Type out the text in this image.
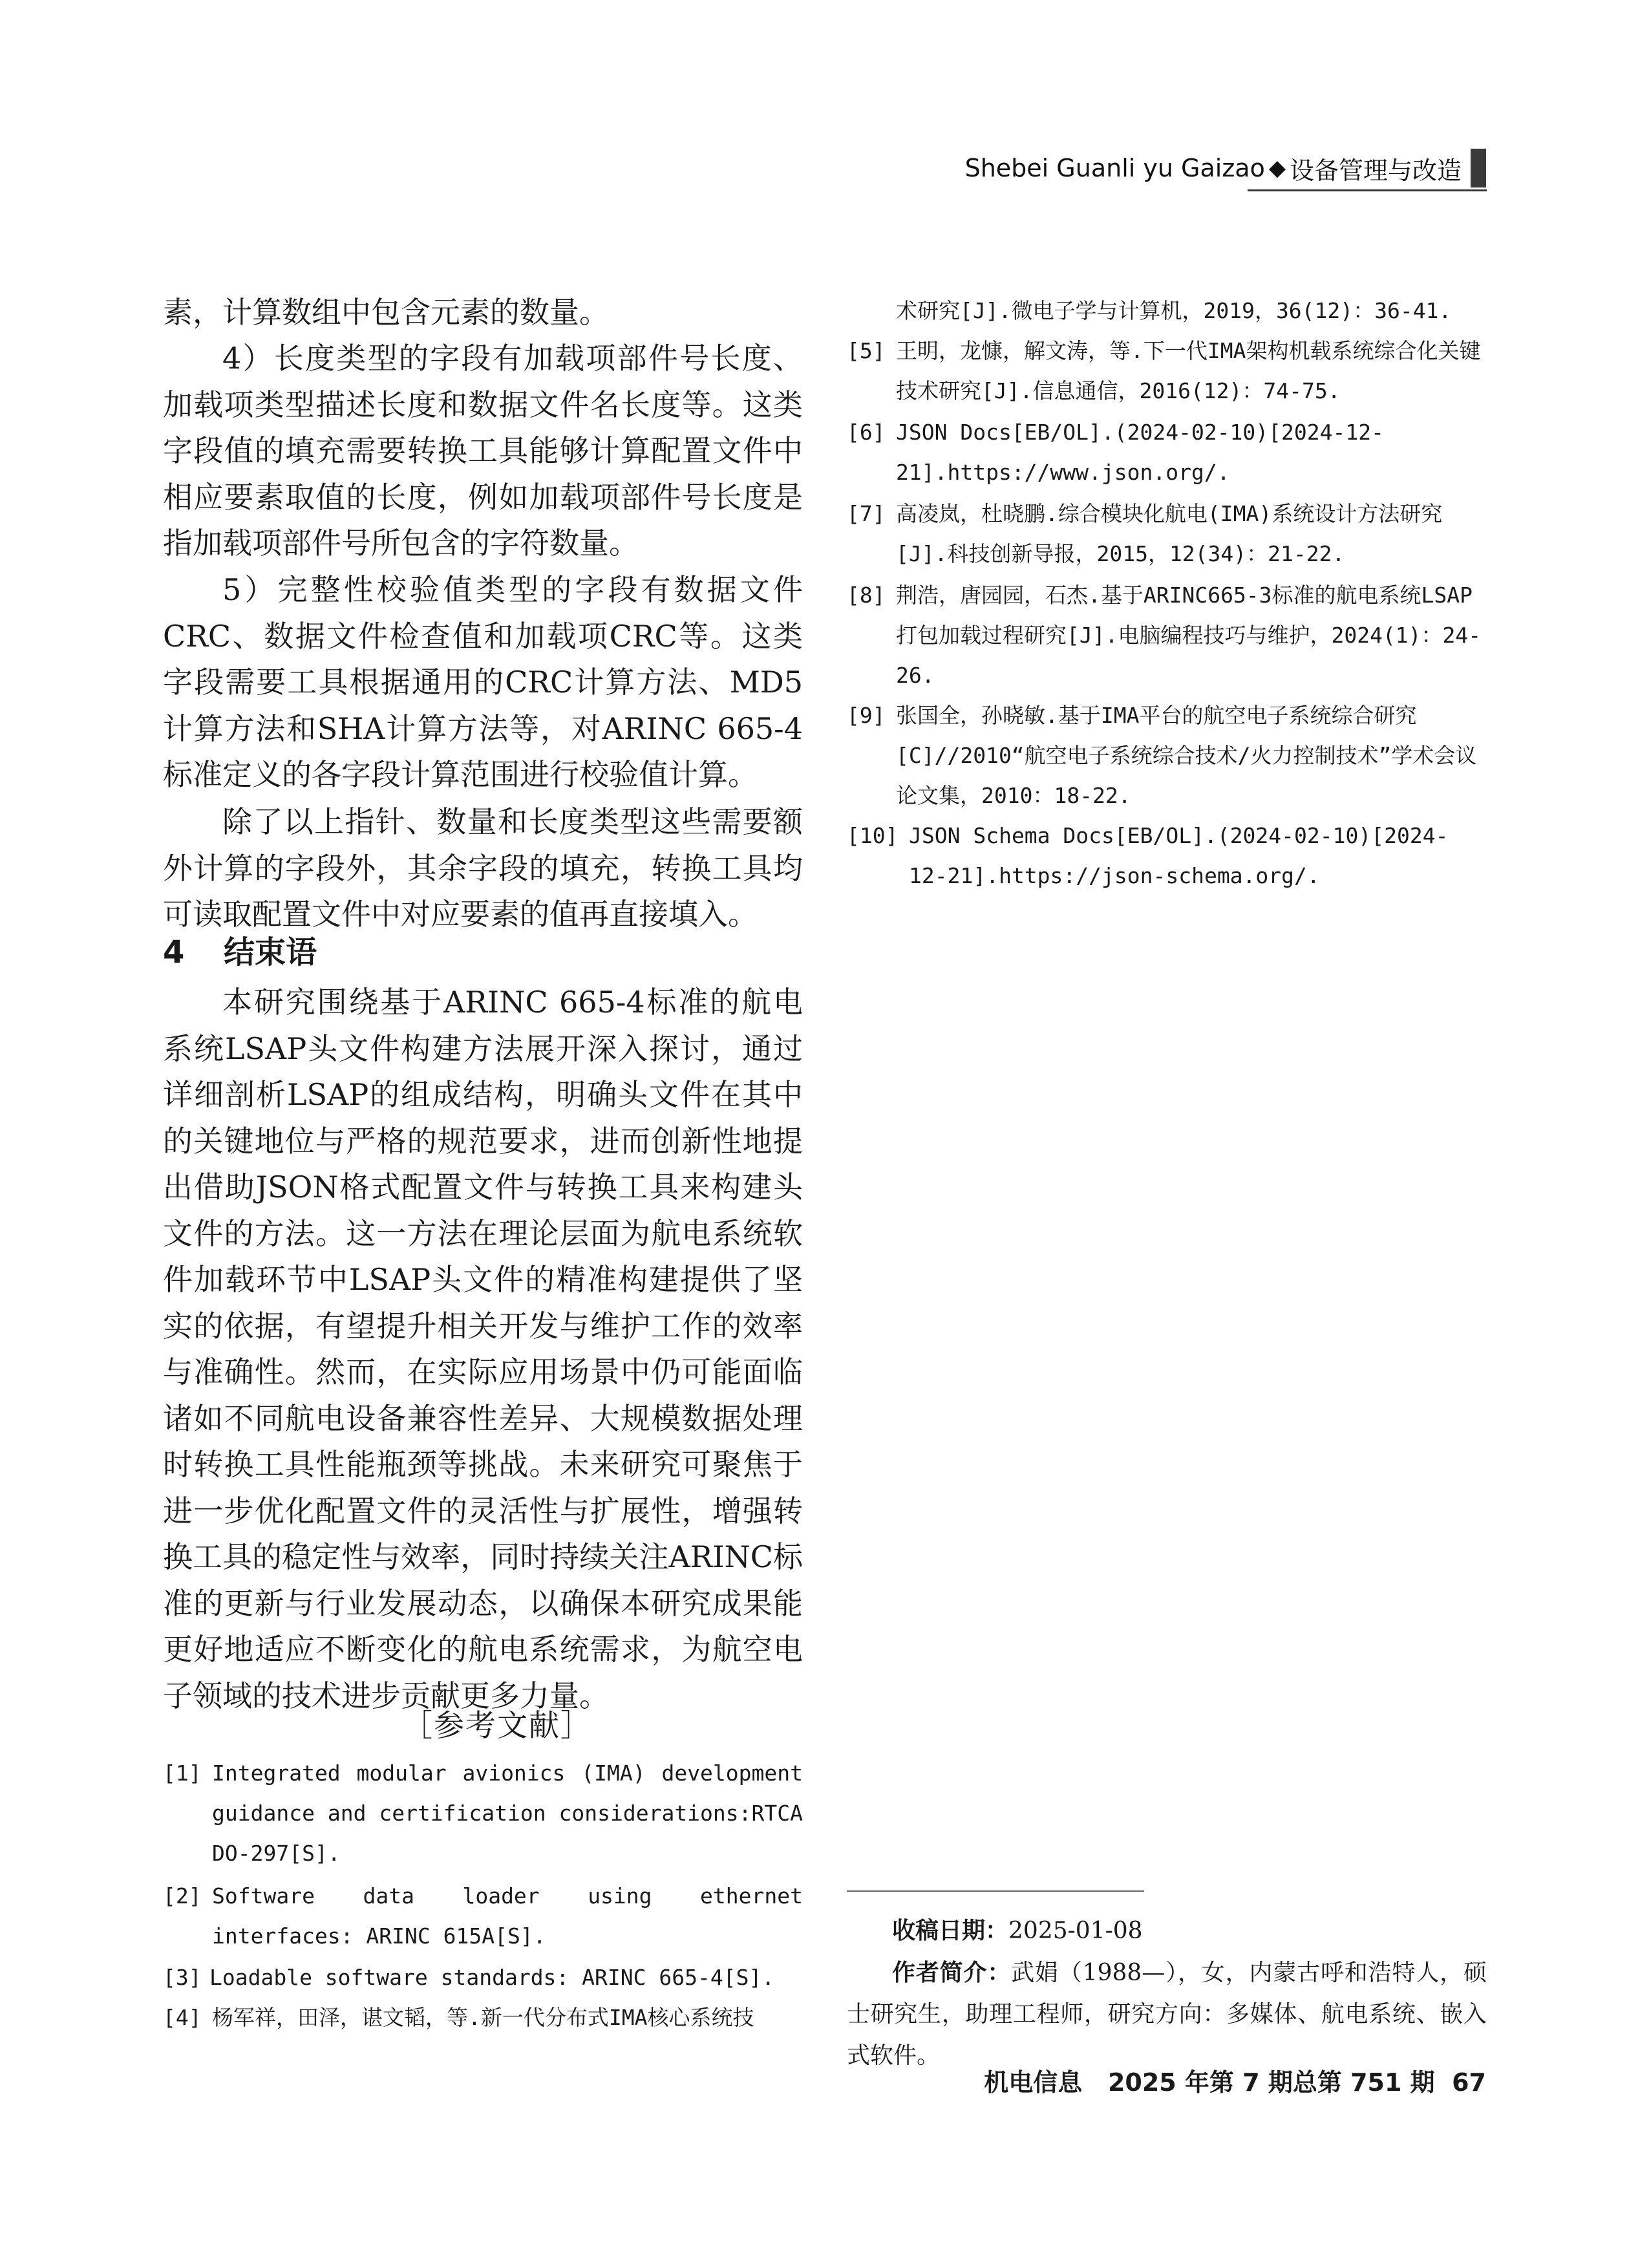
Shebei Guanli yu Gaizao ◆ 设备管理与改造
素，计算数组中包含元素的数量。
4）长度类型的字段有加载项部件号长度、加载项类型描述长度和数据文件名长度等。这类字段值的填充需要转换工具能够计算配置文件中相应要素取值的长度，例如加载项部件号长度是指加载项部件号所包含的字符数量。
5）完整性校验值类型的字段有数据文件CRC、数据文件检查值和加载项CRC等。这类字段需要工具根据通用的CRC计算方法、MD5计算方法和SHA计算方法等，对ARINC 665-4标准定义的各字段计算范围进行校验值计算。
除了以上指针、数量和长度类型这些需要额外计算的字段外，其余字段的填充，转换工具均可读取配置文件中对应要素的值再直接填入。
4 结束语
本研究围绕基于ARINC 665-4标准的航电系统LSAP头文件构建方法展开深入探讨，通过详细剖析LSAP的组成结构，明确头文件在其中的关键地位与严格的规范要求，进而创新性地提出借助JSON格式配置文件与转换工具来构建头文件的方法。这一方法在理论层面为航电系统软件加载环节中LSAP头文件的精准构建提供了坚实的依据，有望提升相关开发与维护工作的效率与准确性。然而，在实际应用场景中仍可能面临诸如不同航电设备兼容性差异、大规模数据处理时转换工具性能瓶颈等挑战。未来研究可聚焦于进一步优化配置文件的灵活性与扩展性，增强转换工具的稳定性与效率，同时持续关注ARINC标准的更新与行业发展动态，以确保本研究成果能更好地适应不断变化的航电系统需求，为航空电子领域的技术进步贡献更多力量。
［参考文献］
[1] Integrated modular avionics (IMA) development guidance and certification considerations:RTCA DO-297[S].
[2] Software data loader using ethernet interfaces: ARINC 615A[S].
[3] Loadable software standards: ARINC 665-4[S].
[4] 杨军祥，田泽，谌文韬，等.新一代分布式IMA核心系统技
术研究[J].微电子学与计算机，2019，36(12)：36-41.
[5] 王明，龙慷，解文涛，等.下一代IMA架构机载系统综合化关键技术研究[J].信息通信，2016(12)：74-75.
[6] JSON Docs[EB/OL].(2024-02-10)[2024-12-21].https://www.json.org/.
[7] 高凌岚，杜晓鹏.综合模块化航电(IMA)系统设计方法研究[J].科技创新导报，2015，12(34)：21-22.
[8] 荆浩，唐园园，石杰.基于ARINC665-3标准的航电系统LSAP打包加载过程研究[J].电脑编程技巧与维护，2024(1)：24-26.
[9] 张国全，孙晓敏.基于IMA平台的航空电子系统综合研究[C]//2010“航空电子系统综合技术/火力控制技术”学术会议论文集，2010：18-22.
[10] JSON Schema Docs[EB/OL].(2024-02-10)[2024-12-21].https://json-schema.org/.
收稿日期：2025-01-08
作者简介：武娟（1988—），女，内蒙古呼和浩特人，硕士研究生，助理工程师，研究方向：多媒体、航电系统、嵌入式软件。
机电信息 2025 年第 7 期总第 751 期 67
